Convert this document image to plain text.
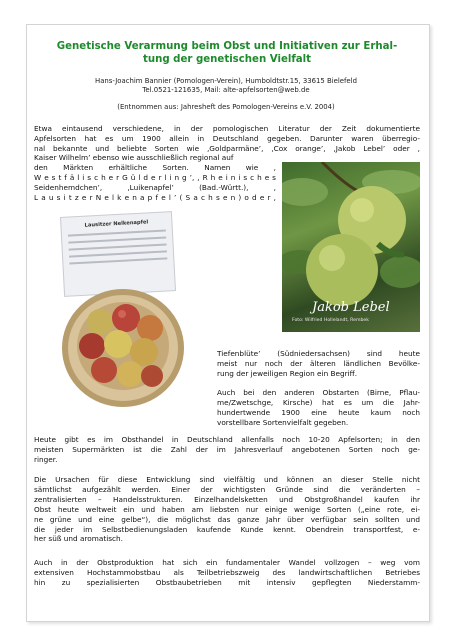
Genetische Verarmung beim Obst und Initiativen zur Erhal-
tung der genetischen Vielfalt
Hans-Joachim Bannier (Pomologen-Verein), Humboldtstr.15, 33615 Bielefeld
Tel.0521-121635, Mail: alte-apfelsorten@web.de
(Entnommen aus: Jahresheft des Pomologen-Vereins e.V. 2004)
Etwa eintausend verschiedene, in der pomologischen Literatur der Zeit dokumentierte
Apfelsorten hat es um 1900 allein in Deutschland gegeben. Darunter waren überregio-
nal bekannte und beliebte Sorten wie ‚Goldparmäne’, ‚Cox orange’, ‚Jakob Lebel’ oder ,
Kaiser Wilhelm’ ebenso wie ausschließlich regional auf
den Märkten erhältliche Sorten. Namen wie ,
W e s t f ä l i s c h e r G ü l d e r l i n g ’, , R h e i n i s c h e s
Seidenhemdchen’, ‚Luikenapfel’ (Bad.-Württ.), ,
L a u s i t z e r N e l k e n a p f e l ’ ( S a c h s e n ) o d e r ,
Jakob Lebel
Foto: Wilfried Hollelandt, Rembek
Lausitzer Nelkenapfel
Tiefenblüte’ (Südniedersachsen) sind heute
meist nur noch der älteren ländlichen Bevölke-
rung der jeweiligen Region ein Begriff.
Auch bei den anderen Obstarten (Birne, Pflau-
me/Zwetschge, Kirsche) hat es um die Jahr-
hundertwende 1900 eine heute kaum noch
vorstellbare Sortenvielfalt gegeben.
Heute gibt es im Obsthandel in Deutschland allenfalls noch 10-20 Apfelsorten; in den
meisten Supermärkten ist die Zahl der im Jahresverlauf angebotenen Sorten noch ge-
ringer.
Die Ursachen für diese Entwicklung sind vielfältig und können an dieser Stelle nicht
sämtlichst aufgezählt werden. Einer der wichtigsten Gründe sind die veränderten –
zentralisierten – Handelsstrukturen. Einzelhandelsketten und Obstgroßhandel kaufen ihr
Obst heute weltweit ein und haben am liebsten nur einige wenige Sorten („eine rote, ei-
ne grüne und eine gelbe“), die möglichst das ganze Jahr über verfügbar sein sollten und
die jeder im Selbstbedienungsladen kaufende Kunde kennt. Obendrein transportfest, e-
her süß und aromatisch.
Auch in der Obstproduktion hat sich ein fundamentaler Wandel vollzogen – weg vom
extensiven Hochstammobstbau als Teilbetriebszweig des landwirtschaftlichen Betriebes
hin zu spezialisierten Obstbaubetrieben mit intensiv gepflegten Niederstamm-
